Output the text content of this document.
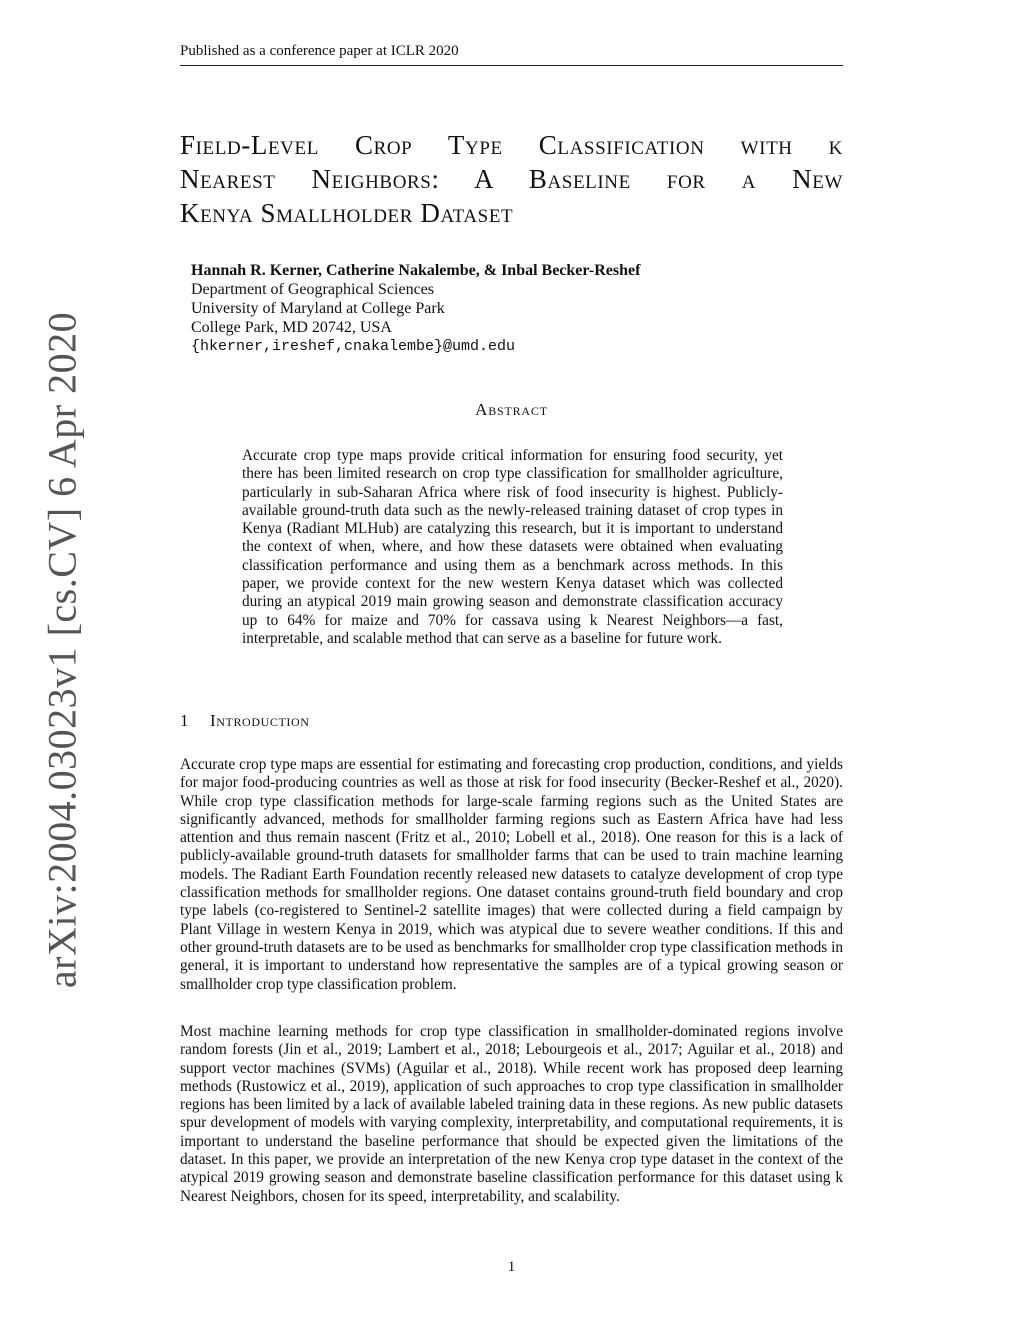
Published as a conference paper at ICLR 2020
arXiv:2004.03023v1 [cs.CV] 6 Apr 2020
Field-Level Crop Type Classification with k
Nearest Neighbors: A Baseline for a New
Kenya Smallholder Dataset
Hannah R. Kerner, Catherine Nakalembe, & Inbal Becker-Reshef
Department of Geographical Sciences
University of Maryland at College Park
College Park, MD 20742, USA
{hkerner,ireshef,cnakalembe}@umd.edu
Abstract
Accurate crop type maps provide critical information for ensuring food security, yet there has been limited research on crop type classification for smallholder agriculture, particularly in sub-Saharan Africa where risk of food insecurity is highest. Publicly-available ground-truth data such as the newly-released training dataset of crop types in Kenya (Radiant MLHub) are catalyzing this research, but it is important to understand the context of when, where, and how these datasets were obtained when evaluating classification performance and using them as a benchmark across methods. In this paper, we provide context for the new western Kenya dataset which was collected during an atypical 2019 main growing season and demonstrate classification accuracy up to 64% for maize and 70% for cassava using k Nearest Neighbors—a fast, interpretable, and scalable method that can serve as a baseline for future work.
1 Introduction
Accurate crop type maps are essential for estimating and forecasting crop production, conditions, and yields for major food-producing countries as well as those at risk for food insecurity (Becker-Reshef et al., 2020). While crop type classification methods for large-scale farming regions such as the United States are significantly advanced, methods for smallholder farming regions such as Eastern Africa have had less attention and thus remain nascent (Fritz et al., 2010; Lobell et al., 2018). One reason for this is a lack of publicly-available ground-truth datasets for smallholder farms that can be used to train machine learning models. The Radiant Earth Foundation recently released new datasets to catalyze development of crop type classification methods for smallholder regions. One dataset contains ground-truth field boundary and crop type labels (co-registered to Sentinel-2 satellite images) that were collected during a field campaign by Plant Village in western Kenya in 2019, which was atypical due to severe weather conditions. If this and other ground-truth datasets are to be used as benchmarks for smallholder crop type classification methods in general, it is important to understand how representative the samples are of a typical growing season or smallholder crop type classification problem.
Most machine learning methods for crop type classification in smallholder-dominated regions involve random forests (Jin et al., 2019; Lambert et al., 2018; Lebourgeois et al., 2017; Aguilar et al., 2018) and support vector machines (SVMs) (Aguilar et al., 2018). While recent work has proposed deep learning methods (Rustowicz et al., 2019), application of such approaches to crop type classification in smallholder regions has been limited by a lack of available labeled training data in these regions. As new public datasets spur development of models with varying complexity, interpretability, and computational requirements, it is important to understand the baseline performance that should be expected given the limitations of the dataset. In this paper, we provide an interpretation of the new Kenya crop type dataset in the context of the atypical 2019 growing season and demonstrate baseline classification performance for this dataset using k Nearest Neighbors, chosen for its speed, interpretability, and scalability.
1
